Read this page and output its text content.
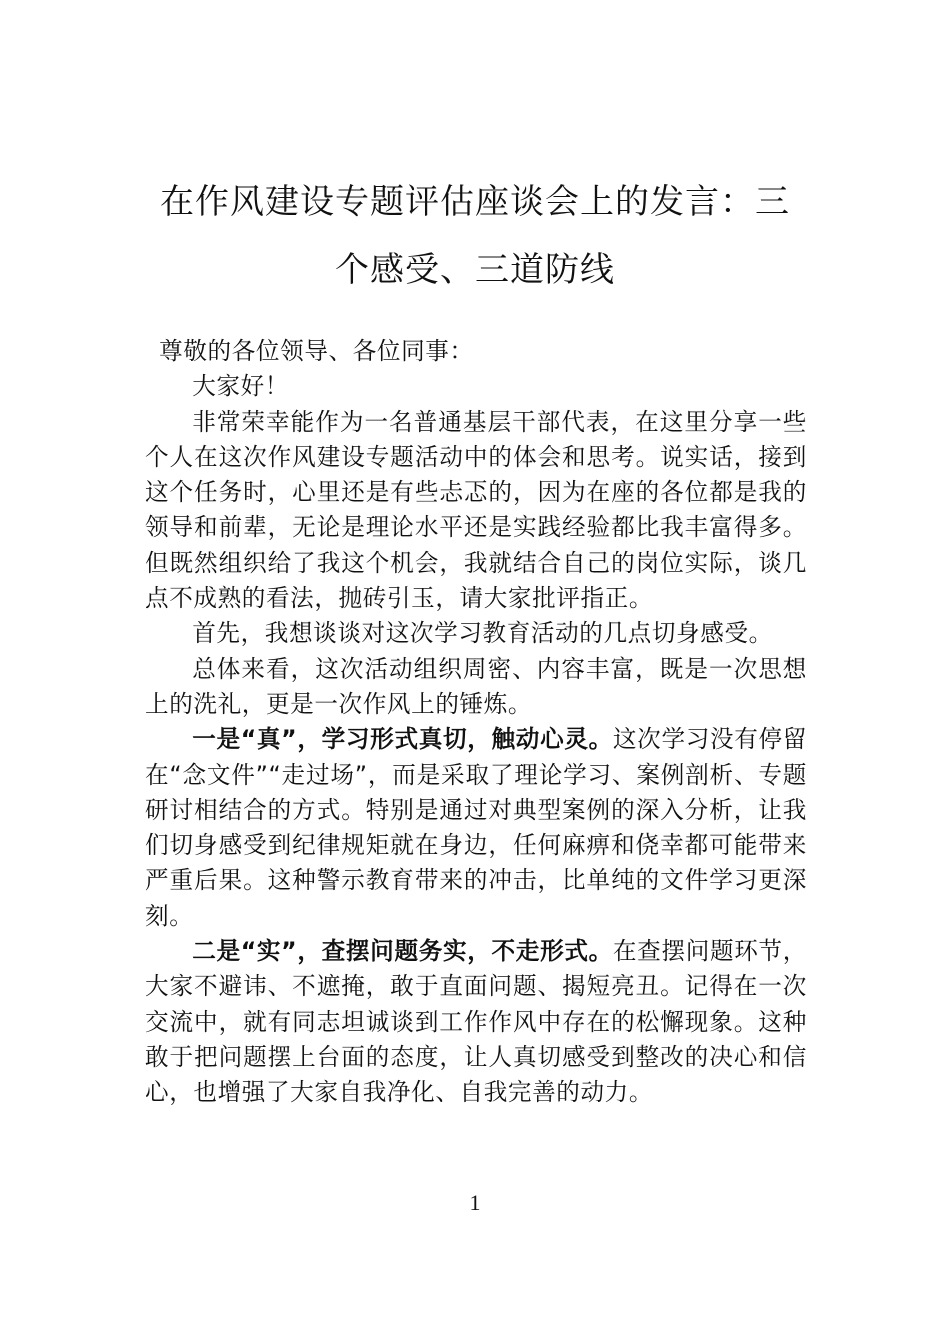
在作风建设专题评估座谈会上的发言：三个感受、三道防线

尊敬的各位领导、各位同事：

大家好！

非常荣幸能作为一名普通基层干部代表，在这里分享一些个人在这次作风建设专题活动中的体会和思考。说实话，接到这个任务时，心里还是有些忐忑的，因为在座的各位都是我的领导和前辈，无论是理论水平还是实践经验都比我丰富得多。但既然组织给了我这个机会，我就结合自己的岗位实际，谈几点不成熟的看法，抛砖引玉，请大家批评指正。

首先，我想谈谈对这次学习教育活动的几点切身感受。

总体来看，这次活动组织周密、内容丰富，既是一次思想上的洗礼，更是一次作风上的锤炼。

一是“真”，学习形式真切，触动心灵。这次学习没有停留在“念文件”“走过场”，而是采取了理论学习、案例剖析、专题研讨相结合的方式。特别是通过对典型案例的深入分析，让我们切身感受到纪律规矩就在身边，任何麻痹和侥幸都可能带来严重后果。这种警示教育带来的冲击，比单纯的文件学习更深刻。

二是“实”，查摆问题务实，不走形式。在查摆问题环节，大家不避讳、不遮掩，敢于直面问题、揭短亮丑。记得在一次交流中，就有同志坦诚谈到工作作风中存在的松懈现象。这种敢于把问题摆上台面的态度，让人真切感受到整改的决心和信心，也增强了大家自我净化、自我完善的动力。

1
